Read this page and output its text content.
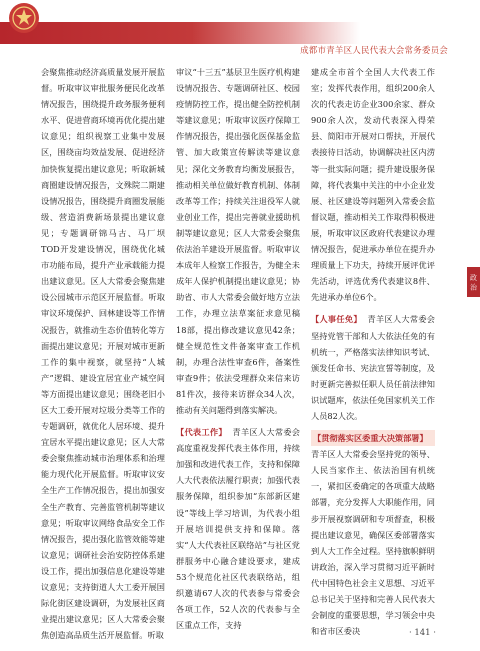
成都市青羊区人民代表大会常务委员会
政 治

会聚焦推动经济高质量发展开展监督。听取审议审批服务便民化改革情况报告，围绕提升政务服务便利水平、促进营商环境再优化提出建议意见；组织视察工业集中发展区，围绕亩均效益发展、促进经济加快恢复提出建议意见；听取新城商圈建设情况报告，文殊院二期建设情况报告，围绕提升商圈发展能级、营造消费新场景提出建议意见；专题调研锦马古、马厂坝TOD开发建设情况，围绕优化城市功能布局，提升产业承载能力提出建议意见。区人大常委会聚焦建设公园城市示范区开展监督。听取审议环境保护、回林建设等工作情况报告，就推动生态价值转化等方面提出建议意见；开展对城市更新工作的集中视察，就坚持“人城产”逻辑、建设宜居宜业产城空间等方面提出建议意见；围绕老旧小区大工委开展对垃圾分类等工作的专题调研，就优化人居环境、提升宜居水平提出建议意见；区人大常委会聚焦推动城市治理体系和治理能力现代化开展监督。听取审议安全生产工作情况报告，提出加强安全生产教育、完善监管机制等建议意见；听取审议网络食品安全工作情况报告，提出强化监管效能等建议意见；调研社会治安防控体系建设工作，提出加强信息化建设等建议意见；支持街道人大工委开展国际化街区建设调研，为发展社区商业提出建议意见；区人大常委会聚焦创造高品质生活开展监督。听取

审议“十三五”基层卫生医疗机构建设情况报告、专题调研社区、校园疫情防控工作，提出健全防控机制等建议意见；听取审议医疗保障工作情况报告，提出强化医保基金监管、加大政策宣传解读等建议意见；深化文务教育均衡发展报告，推动相关单位做好教育机制、体制改革等工作；持续关注退役军人就业创业工作，提出完善就业援助机制等建议意见；区人大常委会聚焦依法治羊建设开展监督。听取审议本成年人检察工作报告，为健全未成年人保护机制提出建议意见；协助省、市人大常委会做好地方立法工作，办理立法草案征求意见稿18部，提出修改建议意见42条；健全规范性文件备案审查工作机制，办理合法性审查6件，备案性审查9件；依法受理群众来信来访81件次，接待来访群众34人次，推动有关问题得到落实解决。

【代表工作】 青羊区人大常委会高度重视发挥代表主体作用，持续加强和改进代表工作，支持和保障人大代表依法履行职责；加强代表服务保障，组织参加“东部新区建设”等线上学习培训，为代表小组开展培训提供支持和保障。落实“人大代表社区联络站”与社区党群服务中心融合建设要求，建成53个规范化社区代表联络站，组织邀请67人次的代表参与常委会各项工作，52人次的代表参与全区重点工作，支持

建成全市首个全国人大代表工作室；发挥代表作用，组织200余人次的代表走访企业300余家、群众900余人次，发动代表深入得荣县、简阳市开展对口帮扶，开展代表接待日活动，协调解决社区内涝等一批实际问题；提升建设服务保障，将代表集中关注的中小企业发展、社区建设等问题列入常委会监督议题，推动相关工作取得积极进展，听取审议区政府代表建议办理情况报告，促进承办单位在提升办理质量上下功夫，持续开展评优评先活动，评选优秀代表建议8件、先进承办单位6个。

【人事任免】 青羊区人大常委会坚持党管干部和人大依法任免的有机统一，严格落实法律知识考试、颁发任命书、宪法宣誓等制度，及时更新完善拟任职人员任前法律知识试题库，依法任免国家机关工作人员82人次。

【贯彻落实区委重大决策部署】
青羊区人大常委会坚持党的领导、人民当家作主、依法治国有机统一，紧扣区委确定的各项重大战略部署，充分发挥人大职能作用，同步开展视察调研和专项督查，积极提出建议意见，确保区委部署落实到人大工作全过程。坚持旗帜鲜明讲政治，深入学习贯彻习近平新时代中国特色社会主义思想、习近平总书记关于坚持和完善人民代表大会制度的重要思想，学习领会中央和省市区委决	· 141 ·
